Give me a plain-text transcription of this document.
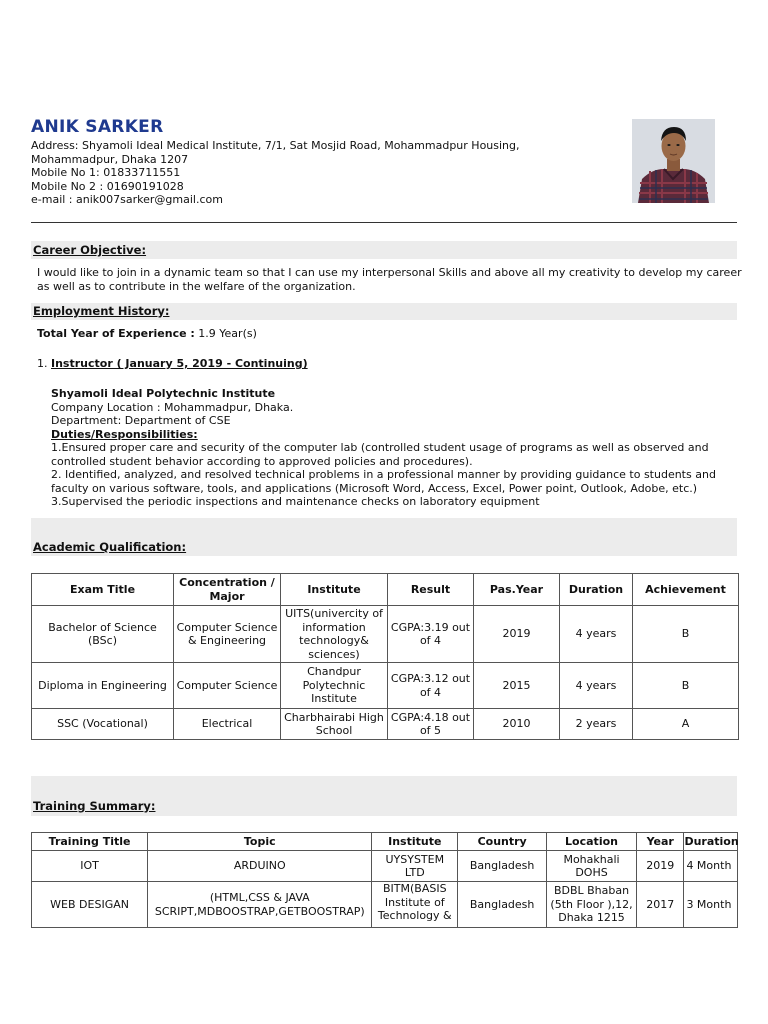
ANIK SARKER
Address: Shyamoli Ideal Medical Institute, 7/1, Sat Mosjid Road, Mohammadpur Housing,
Mohammadpur, Dhaka 1207
Mobile No 1: 01833711551
Mobile No 2 : 01690191028
e-mail : anik007sarker@gmail.com
Career Objective:
I would like to join in a dynamic team so that I can use my interpersonal Skills and above all my creativity to develop my career
as well as to contribute in the welfare of the organization.
Employment History:
Total Year of Experience : 1.9 Year(s)
1. Instructor ( January 5, 2019 - Continuing)
Shyamoli Ideal Polytechnic Institute
Company Location : Mohammadpur, Dhaka.
Department: Department of CSE
Duties/Responsibilities:
1.Ensured proper care and security of the computer lab (controlled student usage of programs as well as observed and
controlled student behavior according to approved policies and procedures).
2. Identified, analyzed, and resolved technical problems in a professional manner by providing guidance to students and
faculty on various software, tools, and applications (Microsoft Word, Access, Excel, Power point, Outlook, Adobe, etc.)
3.Supervised the periodic inspections and maintenance checks on laboratory equipment
Academic Qualification:
Exam Title	Concentration / Major	Institute	Result	Pas.Year	Duration	Achievement
Bachelor of Science (BSc)	Computer Science & Engineering	UITS(univercity of information technology& sciences)	CGPA:3.19 out of 4	2019	4 years	B
Diploma in Engineering	Computer Science	Chandpur Polytechnic Institute	CGPA:3.12 out of 4	2015	4 years	B
SSC (Vocational)	Electrical	Charbhairabi High School	CGPA:4.18 out of 5	2010	2 years	A
Training Summary:
Training Title	Topic	Institute	Country	Location	Year	Duration
IOT	ARDUINO	UYSYSTEM LTD	Bangladesh	Mohakhali DOHS	2019	4 Month
WEB DESIGAN	(HTML,CSS & JAVA SCRIPT,MDBOOSTRAP,GETBOOSTRAP)	BITM(BASIS Institute of Technology &	Bangladesh	BDBL Bhaban (5th Floor ),12, Dhaka 1215	2017	3 Month
